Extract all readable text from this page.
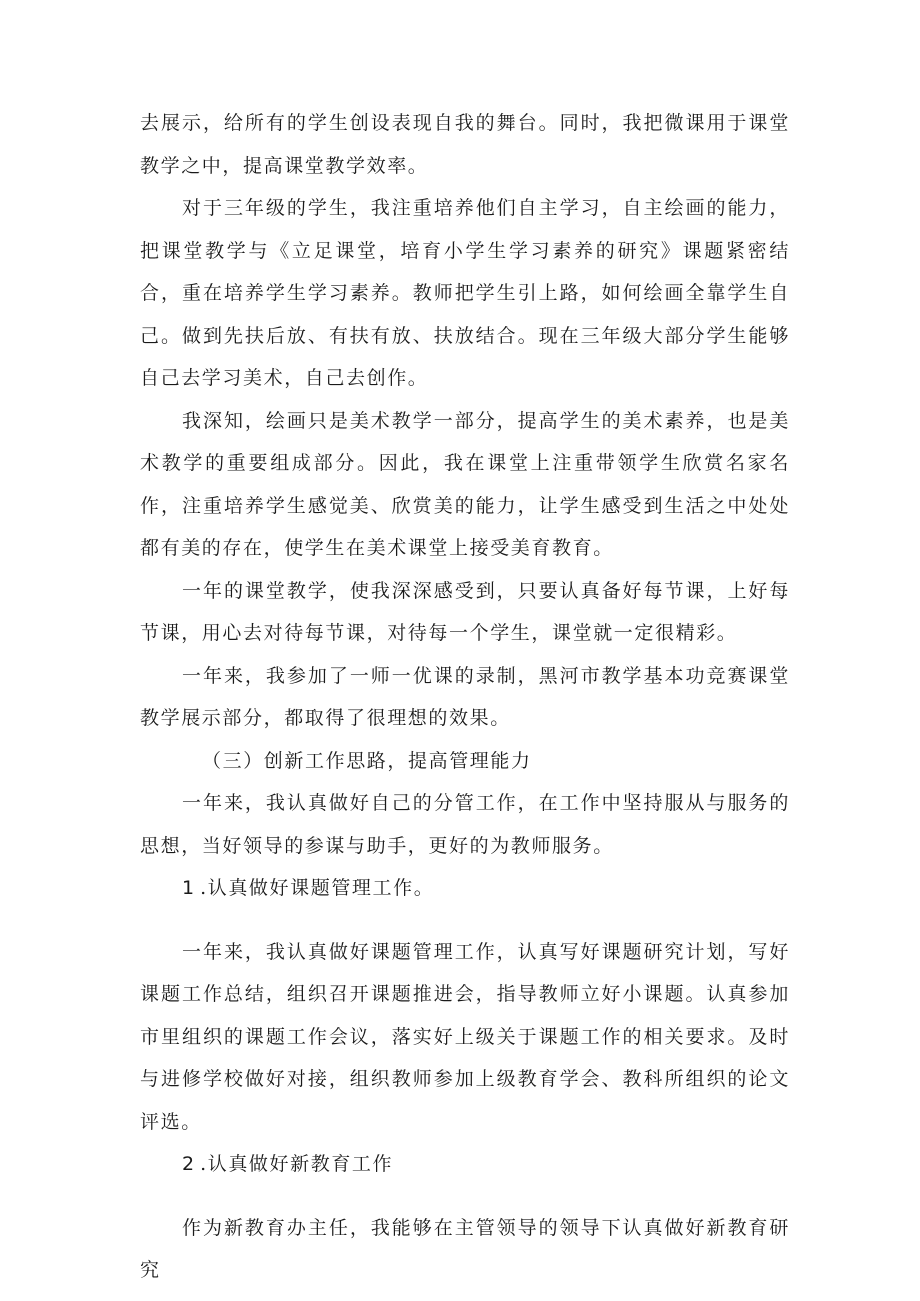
去展示，给所有的学生创设表现自我的舞台。同时，我把微课用于课堂教学之中，提高课堂教学效率。

对于三年级的学生，我注重培养他们自主学习，自主绘画的能力，把课堂教学与《立足课堂，培育小学生学习素养的研究》课题紧密结合，重在培养学生学习素养。教师把学生引上路，如何绘画全靠学生自己。做到先扶后放、有扶有放、扶放结合。现在三年级大部分学生能够自己去学习美术，自己去创作。

我深知，绘画只是美术教学一部分，提高学生的美术素养，也是美术教学的重要组成部分。因此，我在课堂上注重带领学生欣赏名家名作，注重培养学生感觉美、欣赏美的能力，让学生感受到生活之中处处都有美的存在，使学生在美术课堂上接受美育教育。

一年的课堂教学，使我深深感受到，只要认真备好每节课，上好每节课，用心去对待每节课，对待每一个学生，课堂就一定很精彩。

一年来，我参加了一师一优课的录制，黑河市教学基本功竞赛课堂教学展示部分，都取得了很理想的效果。

（三）创新工作思路，提高管理能力

一年来，我认真做好自己的分管工作，在工作中坚持服从与服务的思想，当好领导的参谋与助手，更好的为教师服务。

1 .认真做好课题管理工作。

一年来，我认真做好课题管理工作，认真写好课题研究计划，写好课题工作总结，组织召开课题推进会，指导教师立好小课题。认真参加市里组织的课题工作会议，落实好上级关于课题工作的相关要求。及时与进修学校做好对接，组织教师参加上级教育学会、教科所组织的论文评选。

2 .认真做好新教育工作

作为新教育办主任，我能够在主管领导的领导下认真做好新教育研究
